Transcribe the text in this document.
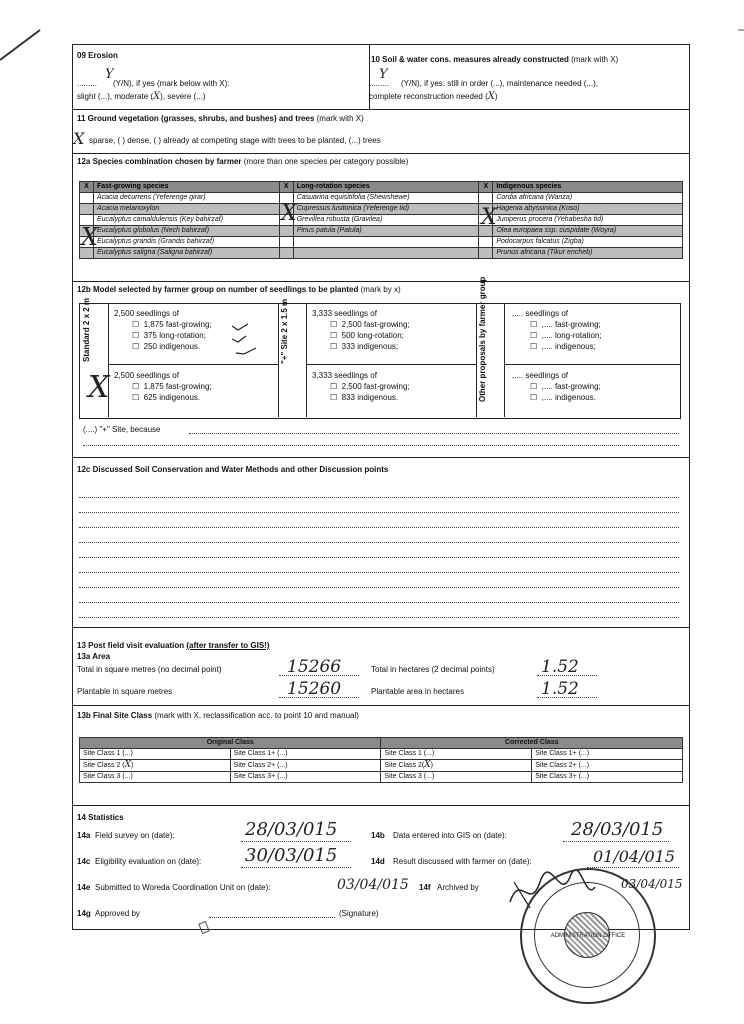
09 Erosion
Y
......... (Y/N), if yes (mark below with X):
slight (...), moderate (X), severe (...)
10 Soil & water cons. measures already constructed (mark with X)
Y
......... (Y/N), if yes: still in order (...), maintenance needed (...),
complete reconstruction needed (X)
11 Ground vegetation (grasses, shrubs, and bushes) and trees (mark with X)
X sparse, ( ) dense, ( ) already at competing stage with trees to be planted, (...) trees
12a Species combination chosen by farmer (more than one species per category possible)
X	Fast-growing species	X	Long-rotation species	X	Indigenous species
	Acacia decurrens (Yeferenge girar)		Casuarina equisitifolia (Shewshewe)		Cordia africana (Wanza)
	Acacia melanoxylon		Cupressus lusitonica (Yeferenge tid)		Hagenia abyssinica (Koso)
	Eucalyptus camaldulensis (Key bahirzaf)		Grevillea robusta (Gravilea)		Juniperus procera (Yehabesha tid)
	Eucalyptus globolus (Nech bahirzaf)		Pinus patula (Patula)		Olea europaea ssp. cuspidate (Woyra)
	Eucalyptus grandis (Grandis bahirzaf)				Podocarpus falcatus (Zigba)
	Eucalyptus saligna (Saligna bahirzaf)				Prunus africana (Tikur encheb)
X
X	X
12b Model selected by farmer group on number of seedlings to be planted (mark by x)
Standard 2 x 2 m	"+" Site 2 x 1.5 m	Other proposals by farmer group
2,500 seedlings of
☐  1,875 fast-growing;
☐  375 long-rotation;
☐  250 indigenous.
2,500 seedlings of
☐  1,875 fast-growing;
☐  625 indigenous.
X
3,333 seedlings of
☐  2,500 fast-growing;
☐  500 long-rotation;
☐  333 indigenous;
3,333 seedlings of
☐  2,500 fast-growing;
☐  833 indigenous.
,.... seedlings of
☐  ,.... fast-growing;
☐  ,.... long-rotation;
☐  ,.... indigenous;
,.... seedlings of
☐  ,.... fast-growing;
☐  ,.... indigenous.
(....) "+" Site, because
12c Discussed Soil Conservation and Water Methods and other Discussion points
13 Post field visit evaluation (after transfer to GIS!)
13a Area
Total in square metres (no decimal point)	15266	Total in hectares (2 decimal points)	1.52
Plantable in square metres	15260	Plantable area in hectares	1.52
13b Final Site Class (mark with X, reclassification acc. to point 10 and manual)
Original Class		Corrected Class	
Site Class 1 (...)	Site Class 1+ (...)	Site Class 1 (...)	Site Class 1+ (...)
Site Class 2 (X)	Site Class 2+ (...)	Site Class 2(X)	Site Class 2+ (...)
Site Class 3 (...)	Site Class 3+ (...)	Site Class 3 (...)	Site Class 3+ (...)
14 Statistics
14a Field survey on (date):	28/03/015	14b Data entered into GIS on (date):	28/03/015
14c Eligibility evaluation on (date): 30/03/015	14d Result discussed with farmer on (date):	01/04/015
14e Submitted to Woreda Coordination Unit on (date):	03/04/015 14f Archived by	03/04/015
14g Approved by	(Signature)
​
ADMINISTRATION OFFICE
